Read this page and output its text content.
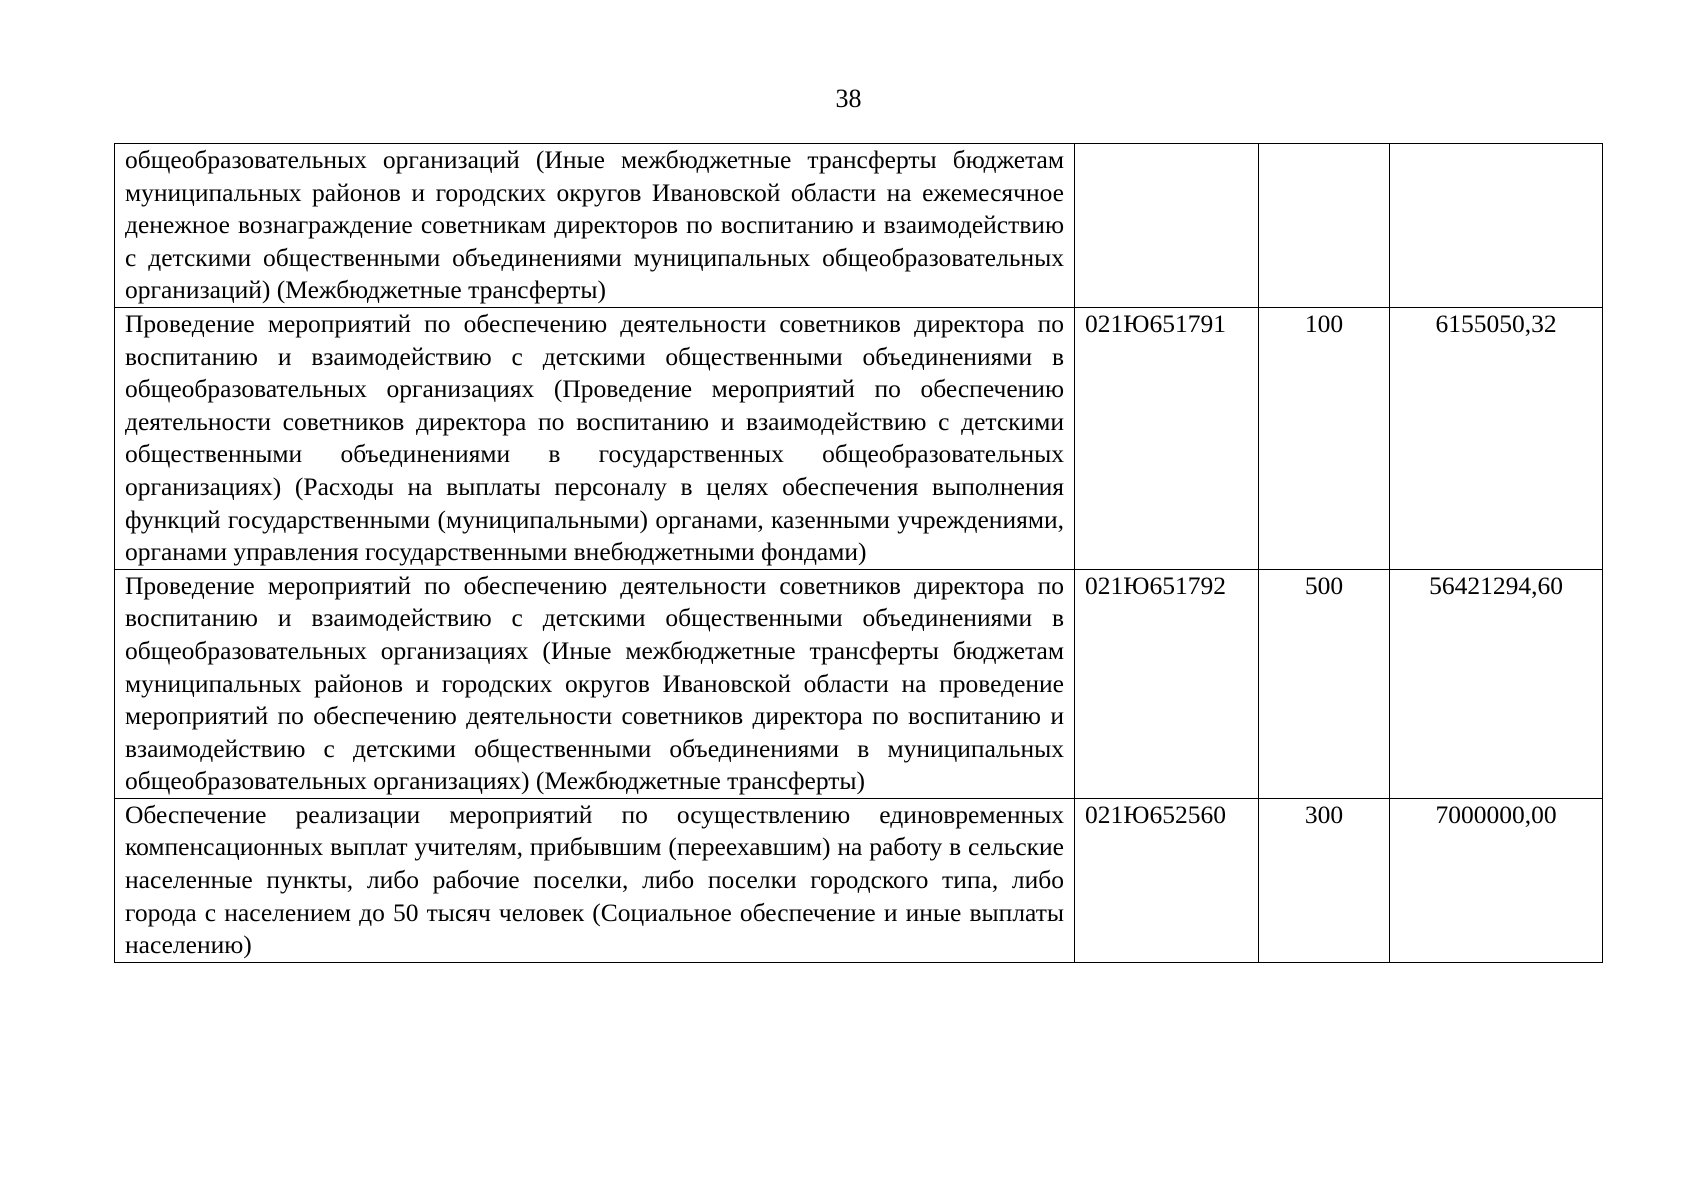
38
общеобразовательных организаций (Иные межбюджетные трансферты бюджетам муниципальных районов и городских округов Ивановской области на ежемесячное денежное вознаграждение советникам директоров по воспитанию и взаимодействию с детскими общественными объединениями муниципальных общеобразовательных организаций) (Межбюджетные трансферты)			
Проведение мероприятий по обеспечению деятельности советников директора по воспитанию и взаимодействию с детскими общественными объединениями в общеобразовательных организациях (Проведение мероприятий по обеспечению деятельности советников директора по воспитанию и взаимодействию с детскими общественными объединениями в государственных общеобразовательных организациях) (Расходы на выплаты персоналу в целях обеспечения выполнения функций государственными (муниципальными) органами, казенными учреждениями, органами управления государственными внебюджетными фондами)	021Ю651791	100	6155050,32
Проведение мероприятий по обеспечению деятельности советников директора по воспитанию и взаимодействию с детскими общественными объединениями в общеобразовательных организациях (Иные межбюджетные трансферты бюджетам муниципальных районов и городских округов Ивановской области на проведение мероприятий по обеспечению деятельности советников директора по воспитанию и взаимодействию с детскими общественными объединениями в муниципальных общеобразовательных организациях) (Межбюджетные трансферты)	021Ю651792	500	56421294,60
Обеспечение реализации мероприятий по осуществлению единовременных компенсационных выплат учителям, прибывшим (переехавшим) на работу в сельские населенные пункты, либо рабочие поселки, либо поселки городского типа, либо города с населением до 50 тысяч человек (Социальное обеспечение и иные выплаты населению)	021Ю652560	300	7000000,00
